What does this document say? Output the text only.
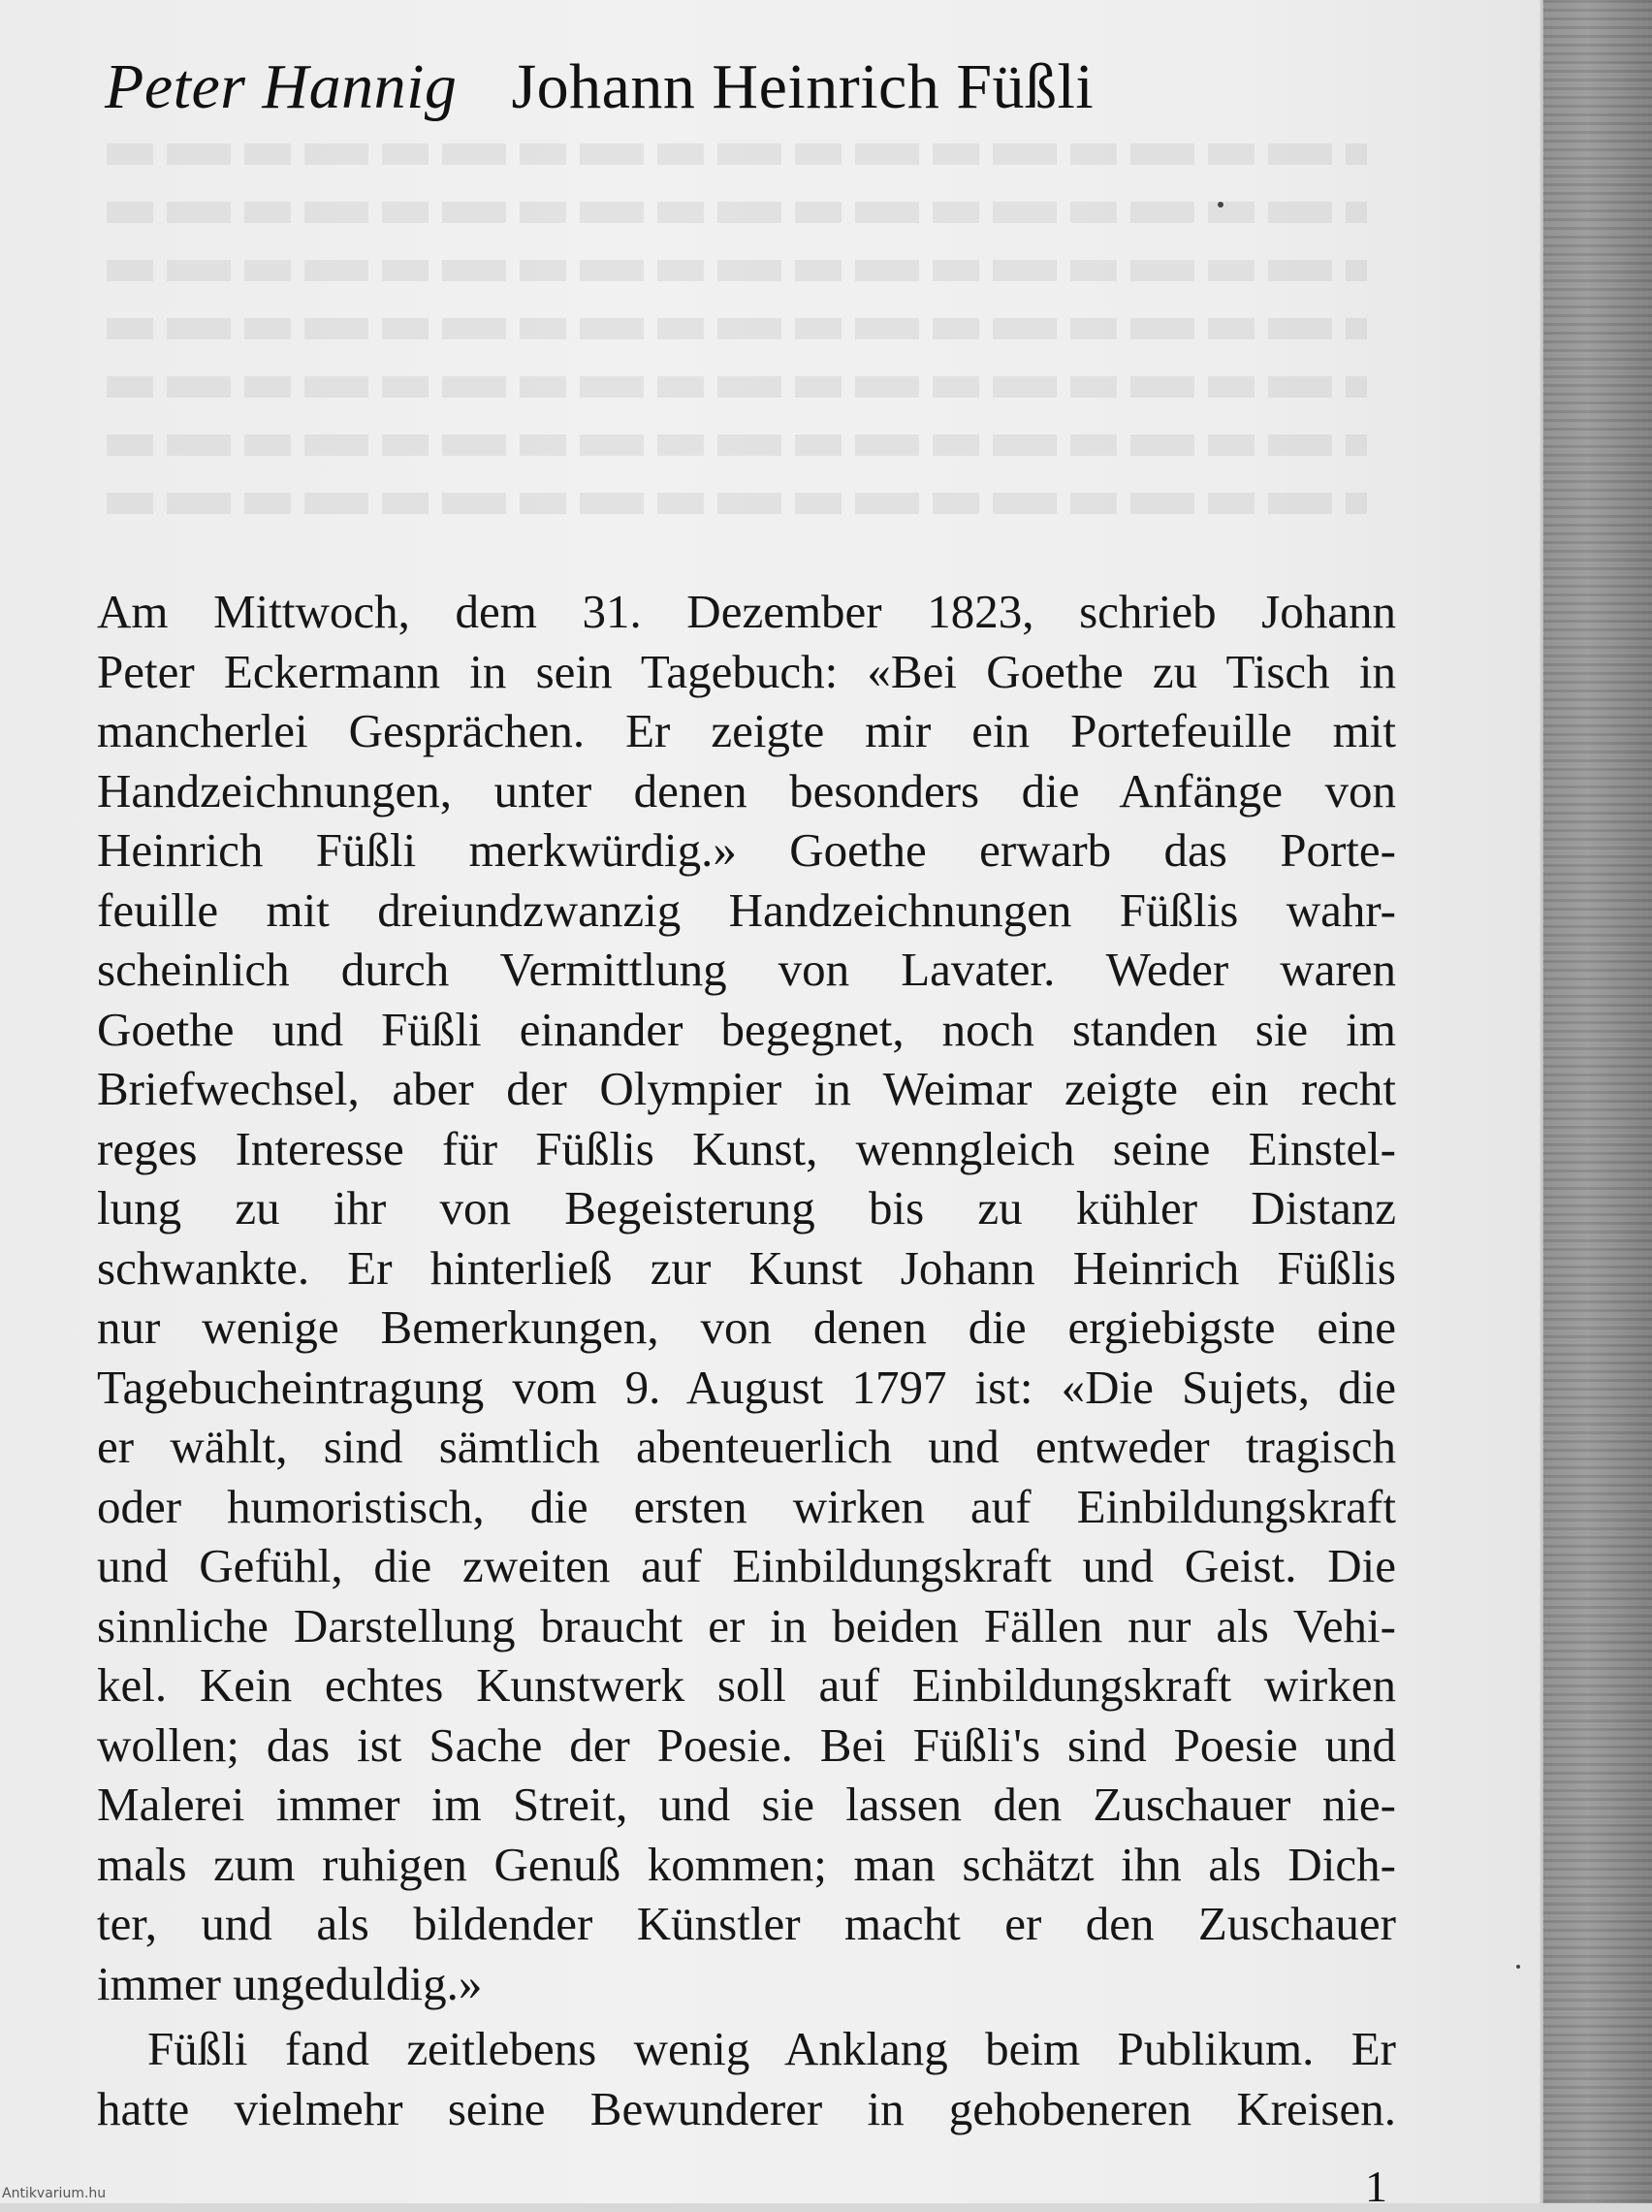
Peter Hannig Johann Heinrich Füßli

Am Mittwoch, dem 31. Dezember 1823, schrieb Johann
Peter Eckermann in sein Tagebuch: «Bei Goethe zu Tisch in
mancherlei Gesprächen. Er zeigte mir ein Portefeuille mit
Handzeichnungen, unter denen besonders die Anfänge von
Heinrich Füßli merkwürdig.» Goethe erwarb das Porte-
feuille mit dreiundzwanzig Handzeichnungen Füßlis wahr-
scheinlich durch Vermittlung von Lavater. Weder waren
Goethe und Füßli einander begegnet, noch standen sie im
Briefwechsel, aber der Olympier in Weimar zeigte ein recht
reges Interesse für Füßlis Kunst, wenngleich seine Einstel-
lung zu ihr von Begeisterung bis zu kühler Distanz
schwankte. Er hinterließ zur Kunst Johann Heinrich Füßlis
nur wenige Bemerkungen, von denen die ergiebigste eine
Tagebucheintragung vom 9. August 1797 ist: «Die Sujets, die
er wählt, sind sämtlich abenteuerlich und entweder tragisch
oder humoristisch, die ersten wirken auf Einbildungskraft
und Gefühl, die zweiten auf Einbildungskraft und Geist. Die
sinnliche Darstellung braucht er in beiden Fällen nur als Vehi-
kel. Kein echtes Kunstwerk soll auf Einbildungskraft wirken
wollen; das ist Sache der Poesie. Bei Füßli's sind Poesie und
Malerei immer im Streit, und sie lassen den Zuschauer nie-
mals zum ruhigen Genuß kommen; man schätzt ihn als Dich-
ter, und als bildender Künstler macht er den Zuschauer
immer ungeduldig.»

Füßli fand zeitlebens wenig Anklang beim Publikum. Er
hatte vielmehr seine Bewunderer in gehobeneren Kreisen.

1
Antikvarium.hu
